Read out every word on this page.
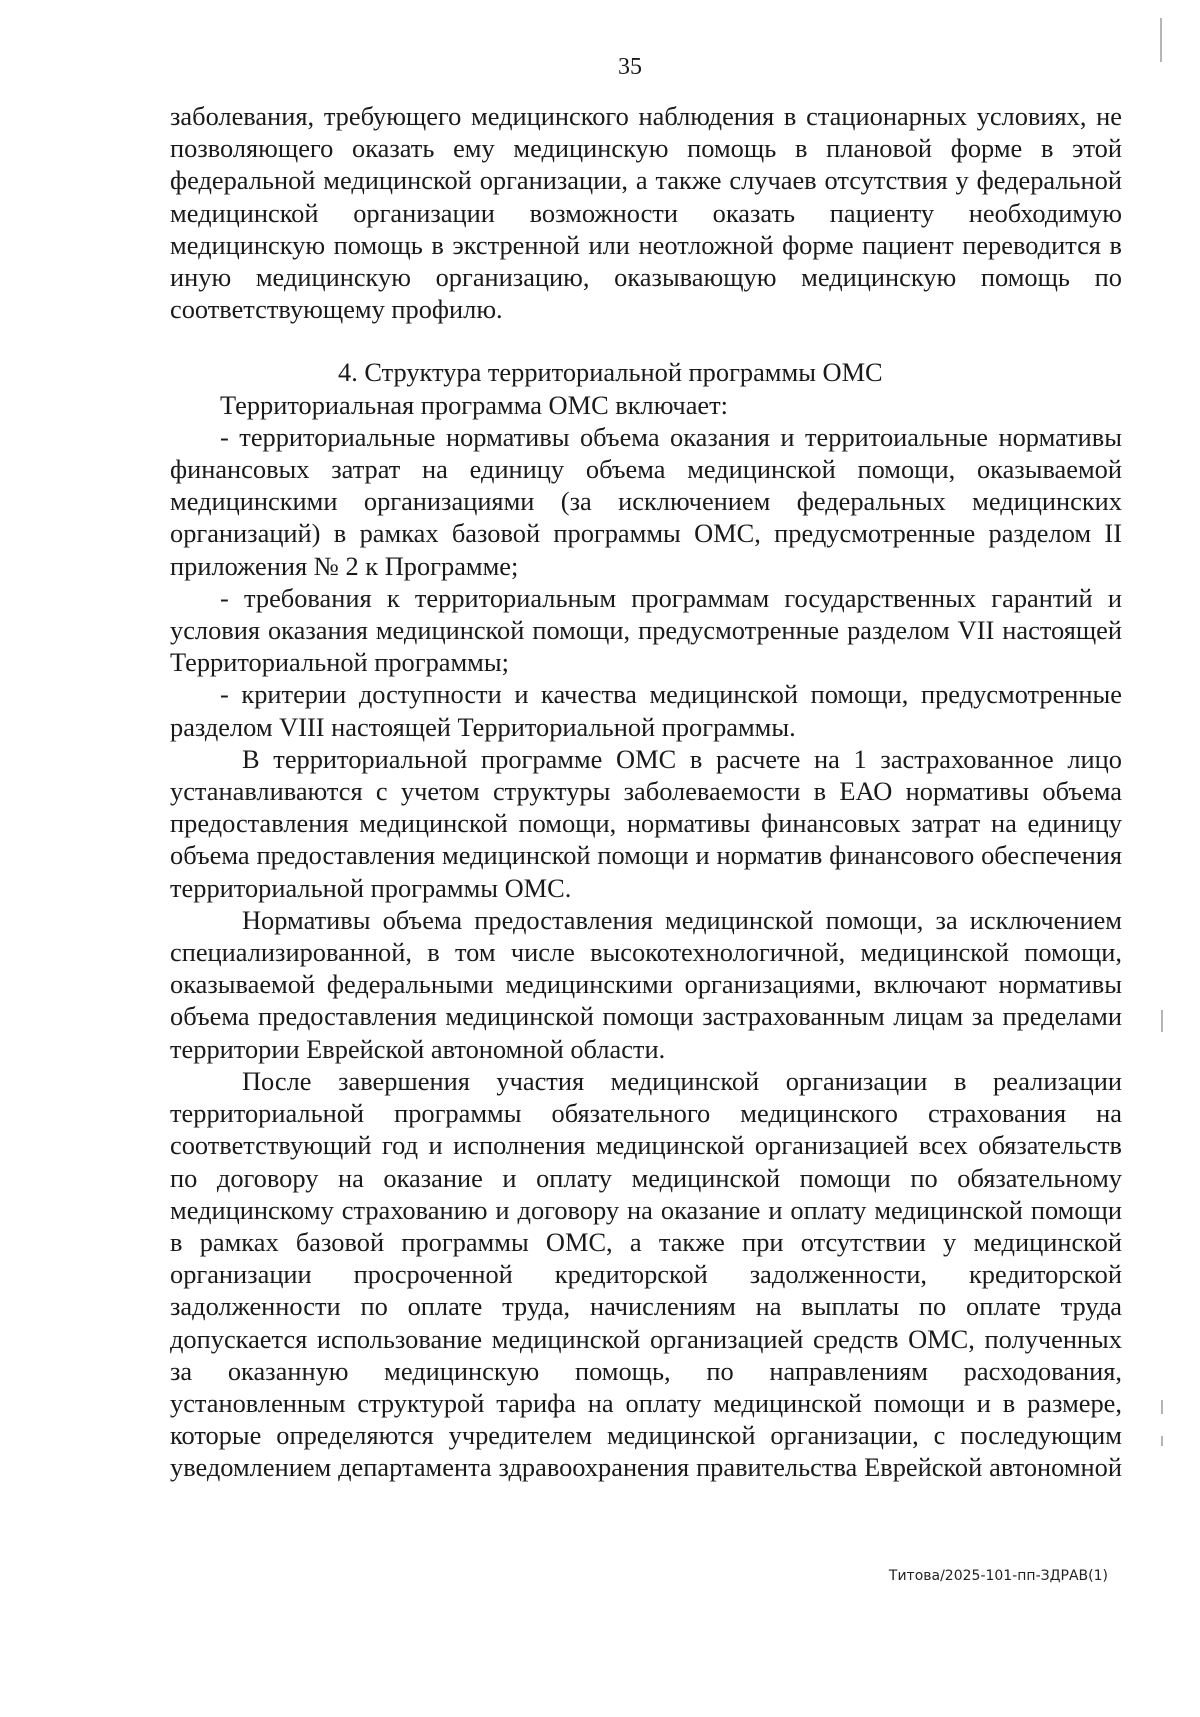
35

заболевания, требующего медицинского наблюдения в стационарных условиях, не позволяющего оказать ему медицинскую помощь в плановой форме в этой федеральной медицинской организации, а также случаев отсутствия у федеральной медицинской организации возможности оказать пациенту необходимую медицинскую помощь в экстренной или неотложной форме пациент переводится в иную медицинскую организацию, оказывающую медицинскую помощь по соответствующему профилю.

4. Структура территориальной программы ОМС

Территориальная программа ОМС включает:

- территориальные нормативы объема оказания и территоиальные нормативы финансовых затрат на единицу объема медицинской помощи, оказываемой медицинскими организациями (за исключением федеральных медицинских организаций) в рамках базовой программы ОМС, предусмотренные разделом II приложения № 2 к Программе;

- требования к территориальным программам государственных гарантий и условия оказания медицинской помощи, предусмотренные разделом VII настоящей Территориальной программы;

- критерии доступности и качества медицинской помощи, предусмотренные разделом VIII настоящей Территориальной программы.

В территориальной программе ОМС в расчете на 1 застрахованное лицо устанавливаются с учетом структуры заболеваемости в ЕАО нормативы объема предоставления медицинской помощи, нормативы финансовых затрат на единицу объема предоставления медицинской помощи и норматив финансового обеспечения территориальной программы ОМС.

Нормативы объема предоставления медицинской помощи, за исключением специализированной, в том числе высокотехнологичной, медицинской помощи, оказываемой федеральными медицинскими организациями, включают нормативы объема предоставления медицинской помощи застрахованным лицам за пределами территории Еврейской автономной области.

После завершения участия медицинской организации в реализации территориальной программы обязательного медицинского страхования на соответствующий год и исполнения медицинской организацией всех обязательств по договору на оказание и оплату медицинской помощи по обязательному медицинскому страхованию и договору на оказание и оплату медицинской помощи в рамках базовой программы ОМС, а также при отсутствии у медицинской организации просроченной кредиторской задолженности, кредиторской задолженности по оплате труда, начислениям на выплаты по оплате труда допускается использование медицинской организацией средств ОМС, полученных за оказанную медицинскую помощь, по направлениям расходования, установленным структурой тарифа на оплату медицинской помощи и в размере, которые определяются учредителем медицинской организации, с последующим уведомлением департамента здравоохранения правительства Еврейской автономной

Титова/2025-101-пп-ЗДРАВ(1)
